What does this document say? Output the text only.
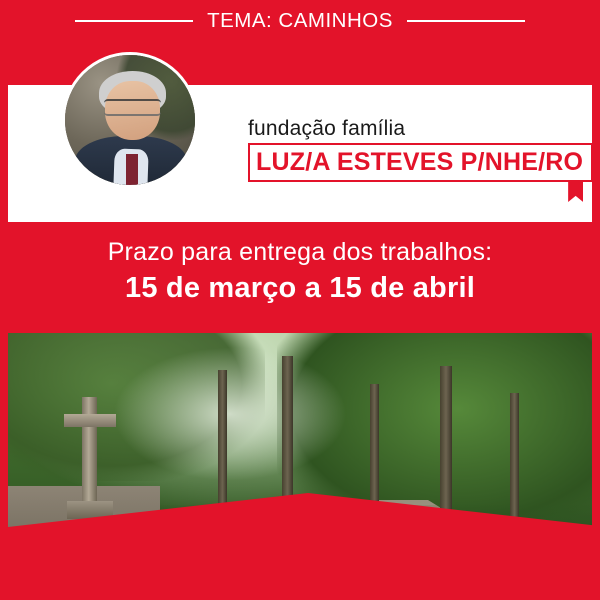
TEMA: CAMINHOS
fundação família
LUZ/A ESTEVES P/NHE/RO
Prazo para entrega dos trabalhos:
15 de março a 15 de abril
